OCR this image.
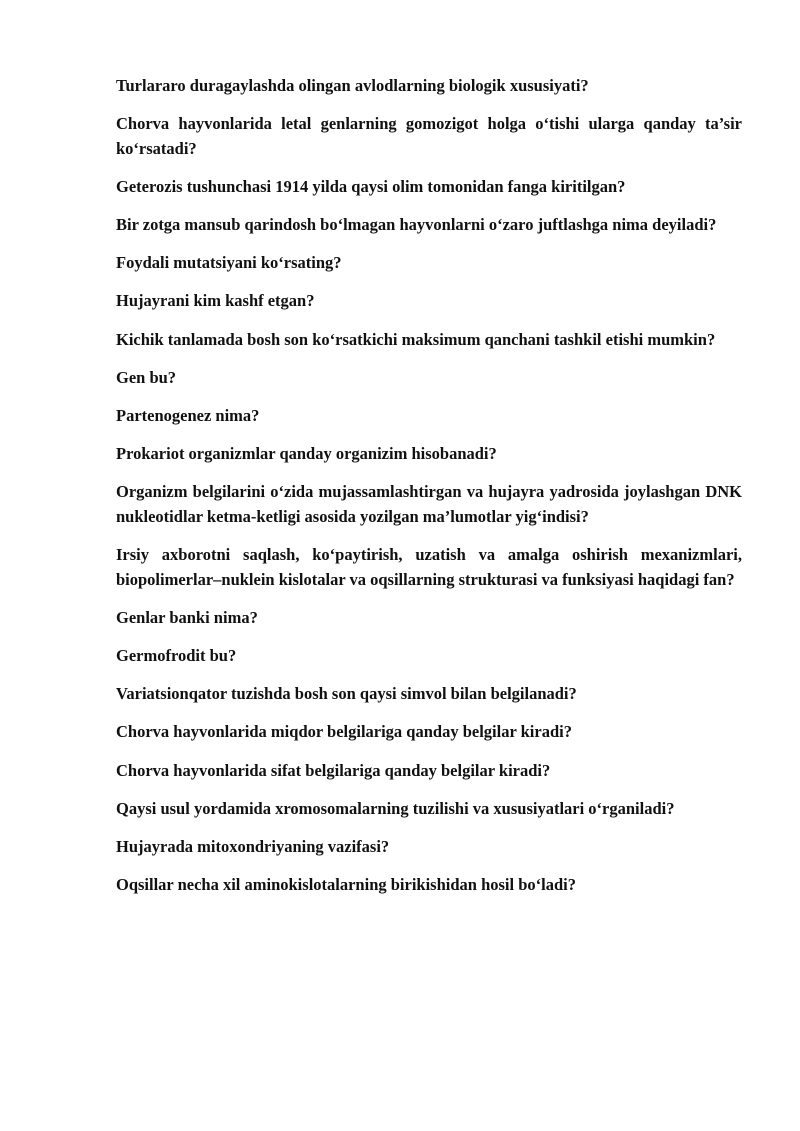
Turlararo duragaylashda olingan avlodlarning biologik xususiyati?
Chorva hayvonlarida letal genlarning gomozigot holga o‘tishi ularga qanday ta’sir ko‘rsatadi?
Geterozis tushunchasi 1914 yilda qaysi olim tomonidan fanga kiritilgan?
Bir zotga mansub qarindosh bo‘lmagan hayvonlarni o‘zaro juftlashga nima deyiladi?
Foydali mutatsiyani ko‘rsating?
Hujayrani kim kashf etgan?
Kichik tanlamada bosh son ko‘rsatkichi maksimum qanchani tashkil etishi mumkin?
Gen bu?
Partenogenez nima?
Prokariot organizmlar qanday organizim hisobanadi?
Organizm belgilarini o‘zida mujassamlashtirgan va hujayra yadrosida joylashgan DNK nukleotidlar ketma-ketligi asosida yozilgan ma’lumotlar yig‘indisi?
Irsiy axborotni saqlash, ko‘paytirish, uzatish va amalga oshirish mexanizmlari, biopolimerlar–nuklein kislotalar va oqsillarning strukturasi va funksiyasi haqidagi fan?
Genlar banki nima?
Germofrodit bu?
Variatsionqator tuzishda bosh son qaysi simvol bilan belgilanadi?
Chorva hayvonlarida miqdor belgilariga qanday belgilar kiradi?
Chorva hayvonlarida sifat belgilariga qanday belgilar kiradi?
Qaysi usul yordamida xromosomalarning tuzilishi va xususiyatlari o‘rganiladi?
Hujayrada mitoxondriyaning vazifasi?
Oqsillar necha xil aminokislotalarning birikishidan hosil bo‘ladi?
